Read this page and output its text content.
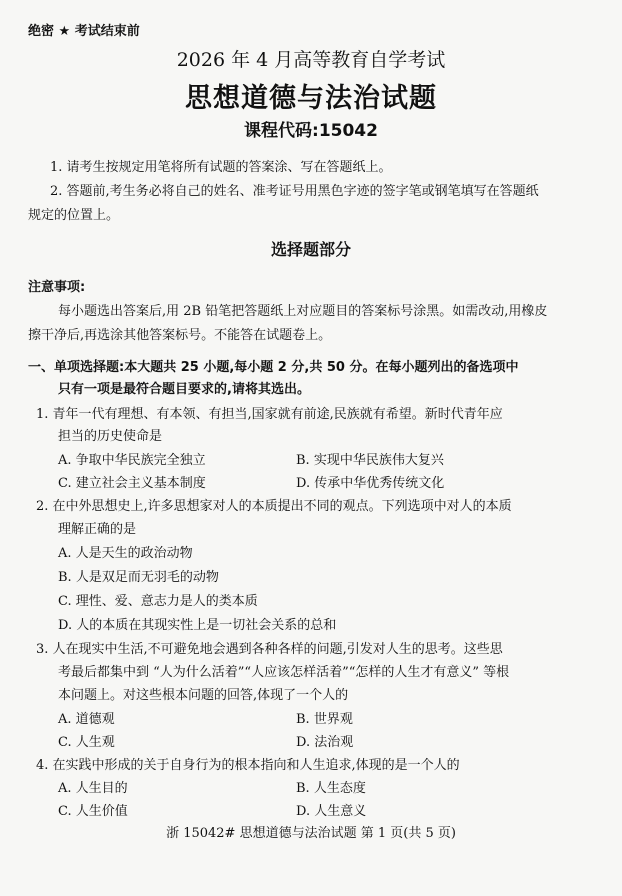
绝密 ★ 考试结束前
2026 年 4 月高等教育自学考试
思想道德与法治试题
课程代码:15042
1. 请考生按规定用笔将所有试题的答案涂、写在答题纸上。
2. 答题前,考生务必将自己的姓名、准考证号用黑色字迹的签字笔或钢笔填写在答题纸
规定的位置上。
选择题部分
注意事项:
每小题选出答案后,用 2B 铅笔把答题纸上对应题目的答案标号涂黑。如需改动,用橡皮
擦干净后,再选涂其他答案标号。不能答在试题卷上。
一、单项选择题:本大题共 25 小题,每小题 2 分,共 50 分。在每小题列出的备选项中
只有一项是最符合题目要求的,请将其选出。
1. 青年一代有理想、有本领、有担当,国家就有前途,民族就有希望。新时代青年应
担当的历史使命是
A. 争取中华民族完全独立	B. 实现中华民族伟大复兴
C. 建立社会主义基本制度	D. 传承中华优秀传统文化
2. 在中外思想史上,许多思想家对人的本质提出不同的观点。下列选项中对人的本质
理解正确的是
A. 人是天生的政治动物
B. 人是双足而无羽毛的动物
C. 理性、爱、意志力是人的类本质
D. 人的本质在其现实性上是一切社会关系的总和
3. 人在现实中生活,不可避免地会遇到各种各样的问题,引发对人生的思考。这些思
考最后都集中到 “人为什么活着”“人应该怎样活着”“怎样的人生才有意义” 等根
本问题上。对这些根本问题的回答,体现了一个人的
A. 道德观	B. 世界观
C. 人生观	D. 法治观
4. 在实践中形成的关于自身行为的根本指向和人生追求,体现的是一个人的
A. 人生目的	B. 人生态度
C. 人生价值	D. 人生意义
浙 15042# 思想道德与法治试题 第 1 页(共 5 页)
